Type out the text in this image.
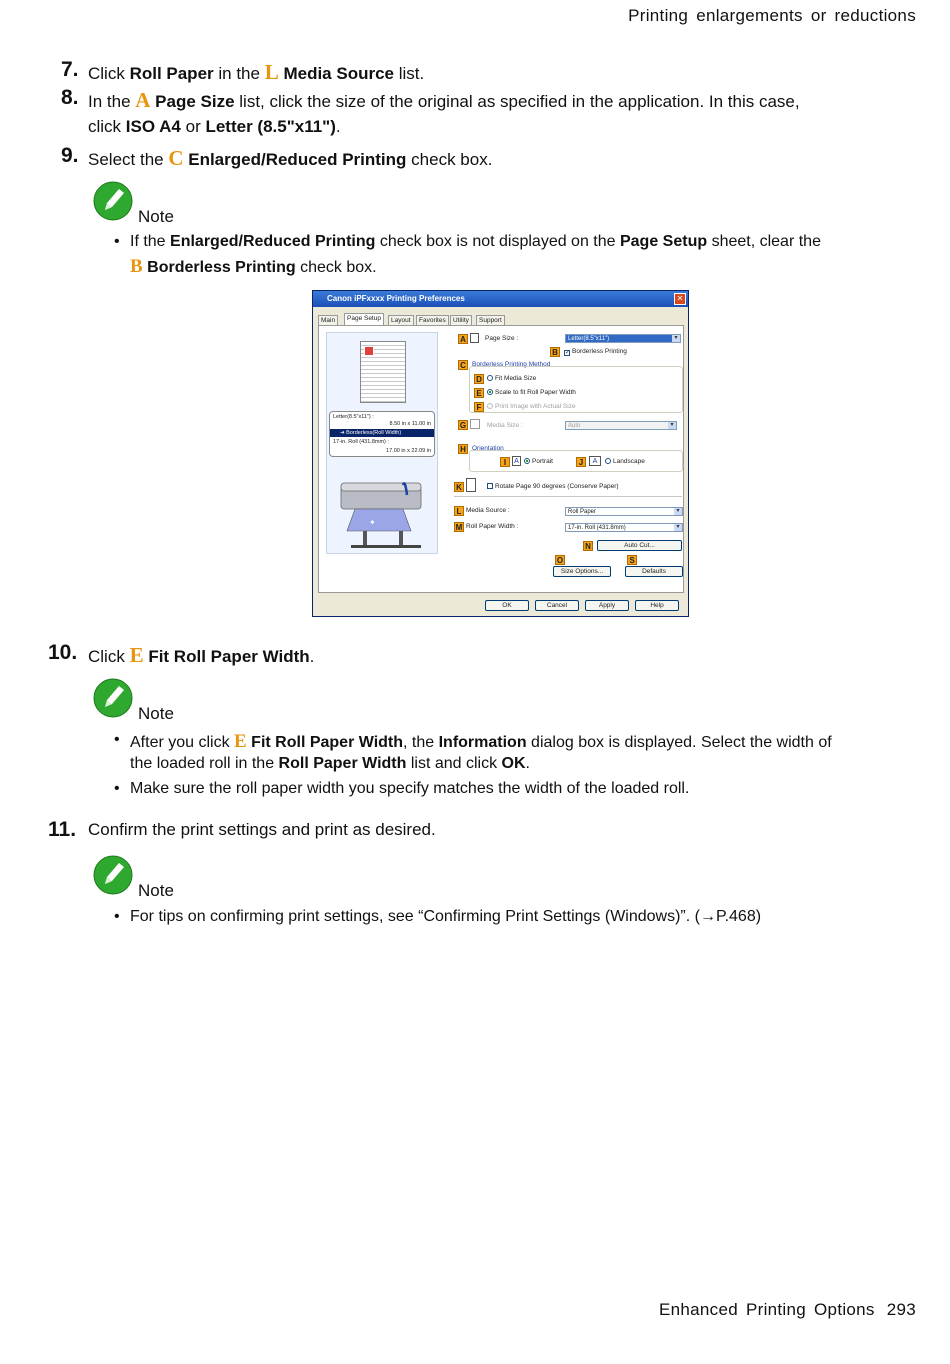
Printing enlargements or reductions
7. Click Roll Paper in the L Media Source list.
8. In the A Page Size list, click the size of the original as specified in the application. In this case,
click ISO A4 or Letter (8.5"x11").
9. Select the C Enlarged/Reduced Printing check box.
Note
• If the Enlarged/Reduced Printing check box is not displayed on the Page Setup sheet, clear the
B Borderless Printing check box.
Canon iPFxxxx Printing Preferences	✕
Main	Page Setup	Layout	Favorites	Utility	Support
Letter(8.5"x11") :
8.50 in x 11.00 in
➜ Borderless(Roll Width)
17-in. Roll (431.8mm) :
17.00 in x 22.09 in
✦
A	Page Size :	Letter(8.5"x11") ▾
B	✓ Borderless Printing
C Borderless Printing Method
D	Fit Media Size
E	Scale to fit Roll Paper Width
F	Print Image with Actual Size
G	Media Size :	Auto ▾
H Orientation
I	A	Portrait	J	A	Landscape
K	Rotate Page 90 degrees (Conserve Paper)
L Media Source :	Roll Paper ▾
M Roll Paper Width :	17-in. Roll (431.8mm) ▾
N	Auto Cut...
O	S
Size Options...	Defaults
OK	Cancel	Apply	Help
10. Click E Fit Roll Paper Width.
Note
• After you click E Fit Roll Paper Width, the Information dialog box is displayed. Select the width of
the loaded roll in the Roll Paper Width list and click OK.
• Make sure the roll paper width you specify matches the width of the loaded roll.
11. Confirm the print settings and print as desired.
Note
• For tips on confirming print settings, see “Confirming Print Settings (Windows)”. (→P.468)
Enhanced Printing Options 293
